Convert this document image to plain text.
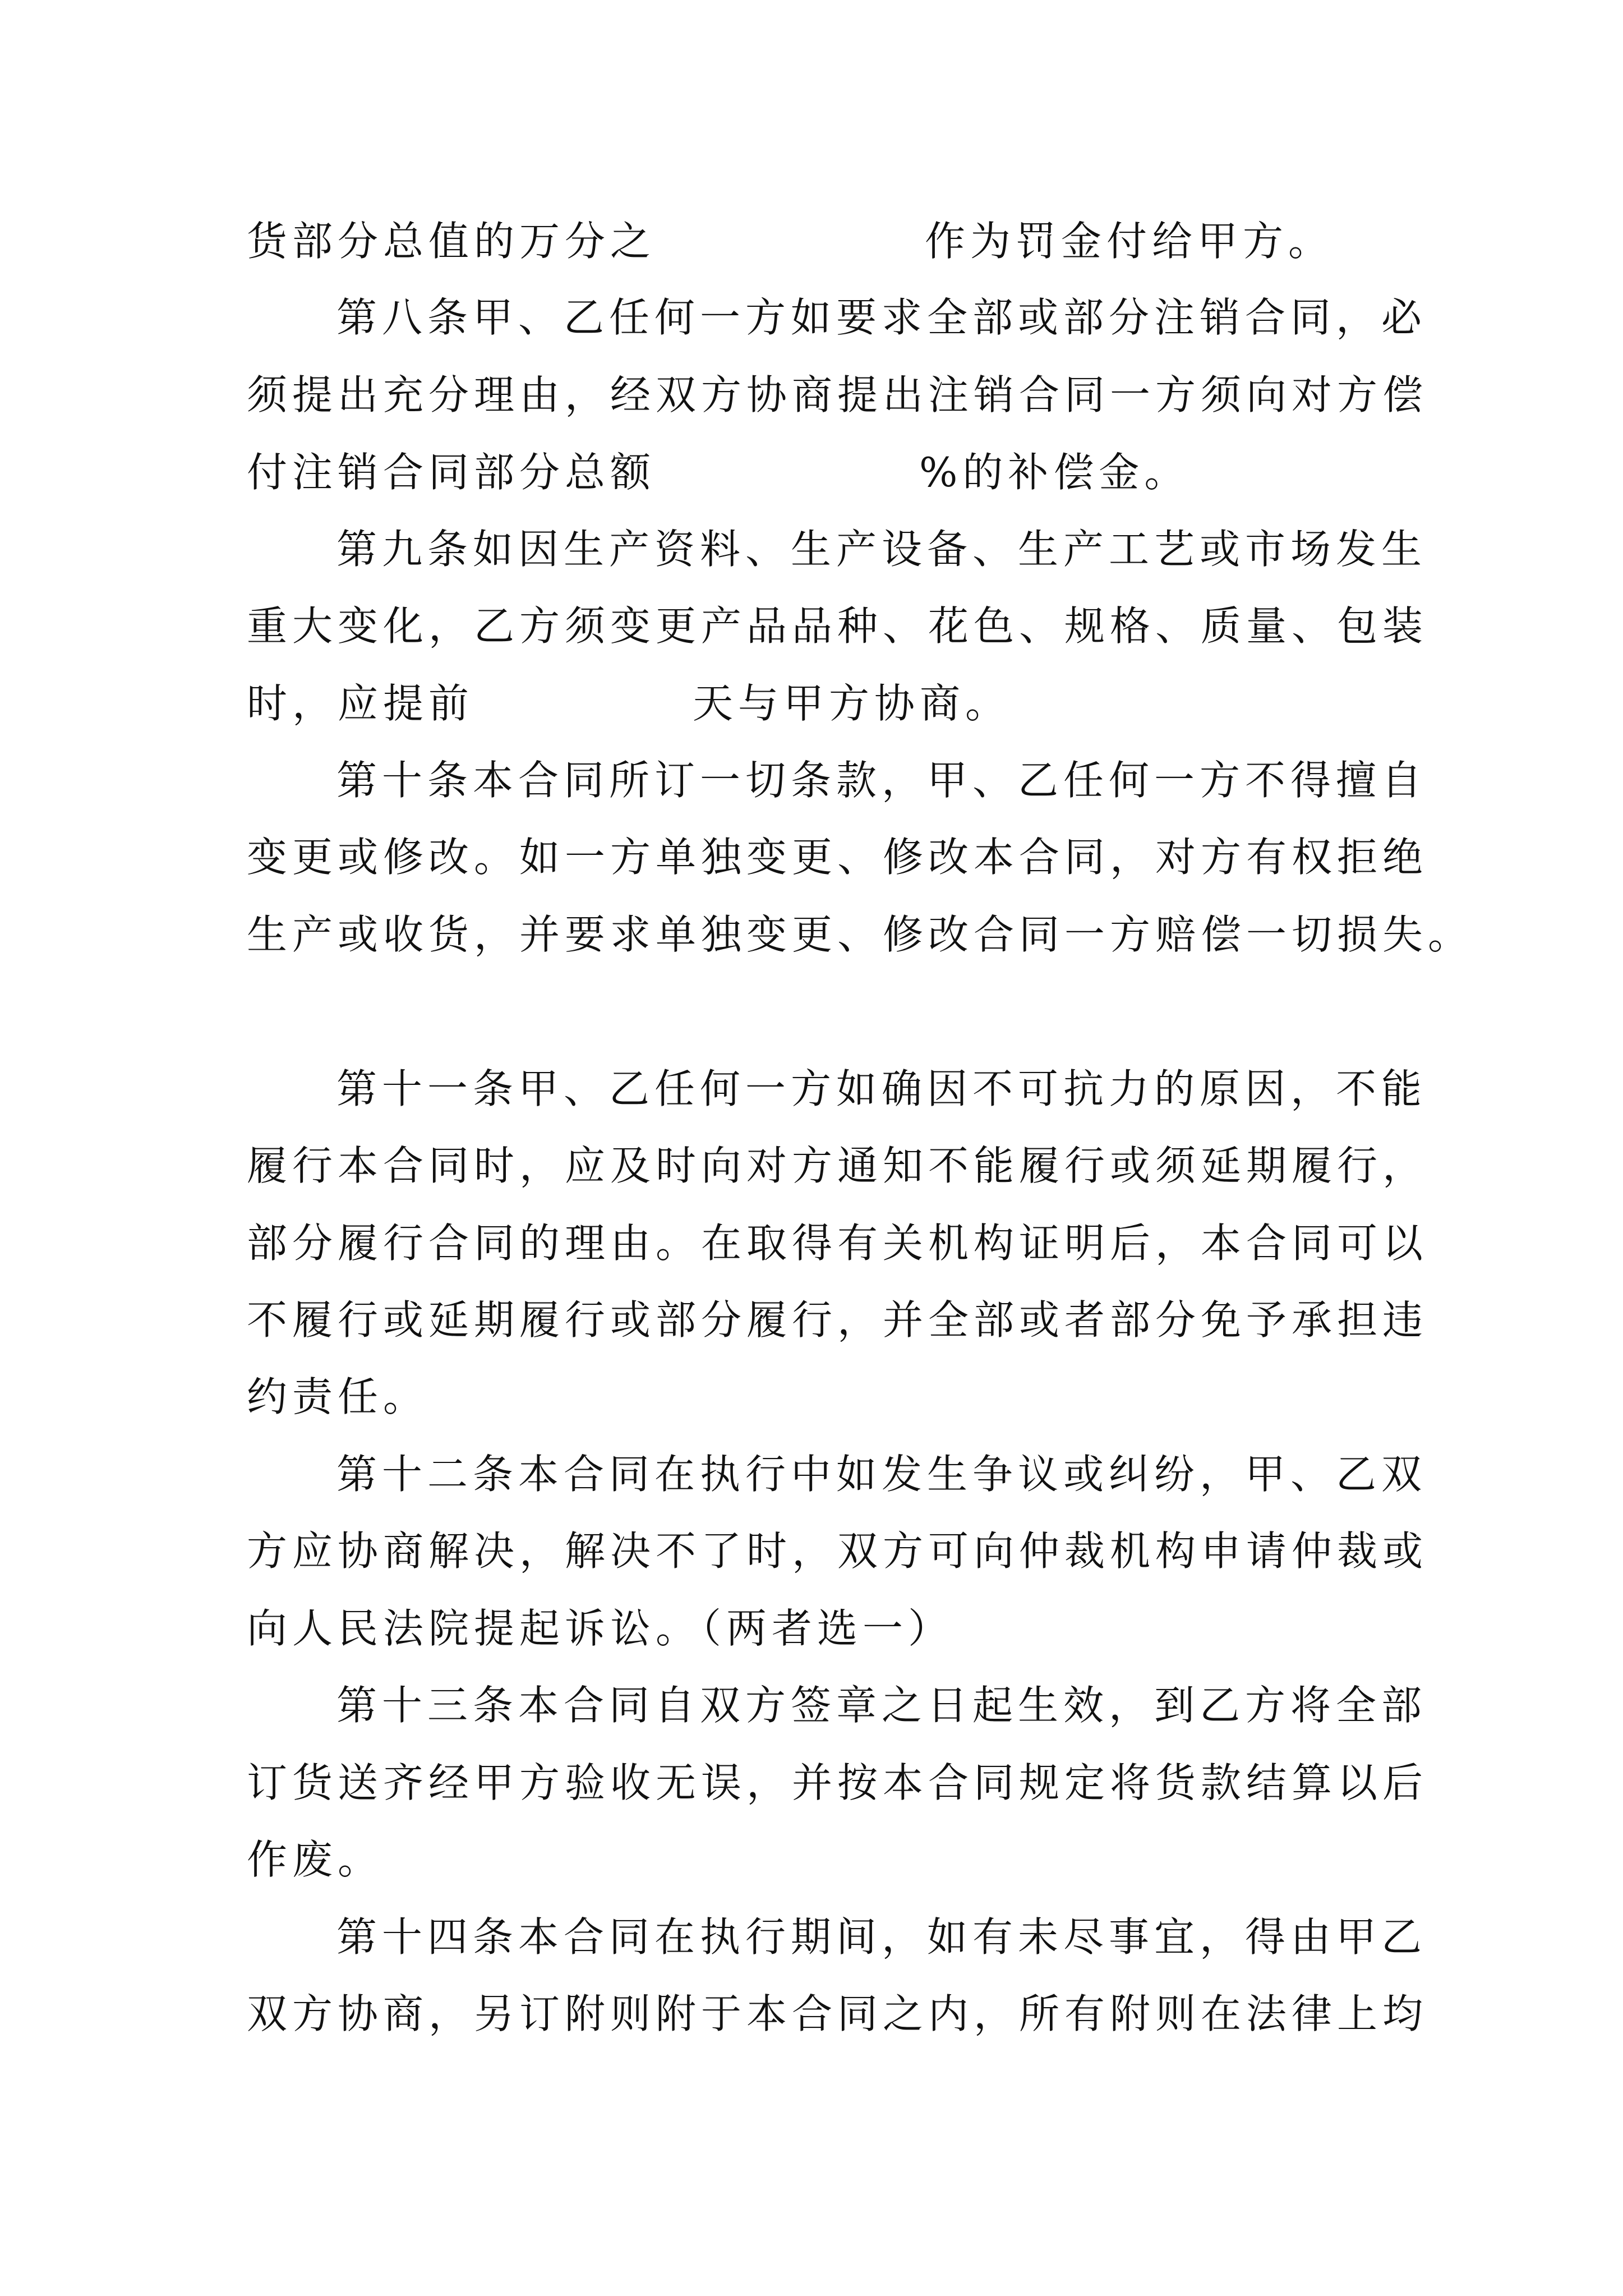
货部分总值的万分之	作为罚金付给甲方。
第八条甲、乙任何一方如要求全部或部分注销合同，必
须提出充分理由，经双方协商提出注销合同一方须向对方偿
付注销合同部分总额	%的补偿金。
第九条如因生产资料、生产设备、生产工艺或市场发生
重大变化，乙方须变更产品品种、花色、规格、质量、包装
时，应提前	天与甲方协商。
第十条本合同所订一切条款，甲、乙任何一方不得擅自
变更或修改。如一方单独变更、修改本合同，对方有权拒绝
生产或收货，并要求单独变更、修改合同一方赔偿一切损失。
第十一条甲、乙任何一方如确因不可抗力的原因，不能
履行本合同时，应及时向对方通知不能履行或须延期履行，
部分履行合同的理由。在取得有关机构证明后，本合同可以
不履行或延期履行或部分履行，并全部或者部分免予承担违
约责任。
第十二条本合同在执行中如发生争议或纠纷，甲、乙双
方应协商解决，解决不了时，双方可向仲裁机构申请仲裁或
向人民法院提起诉讼。（两者选一）
第十三条本合同自双方签章之日起生效，到乙方将全部
订货送齐经甲方验收无误，并按本合同规定将货款结算以后
作废。
第十四条本合同在执行期间，如有未尽事宜，得由甲乙
双方协商，另订附则附于本合同之内，所有附则在法律上均
